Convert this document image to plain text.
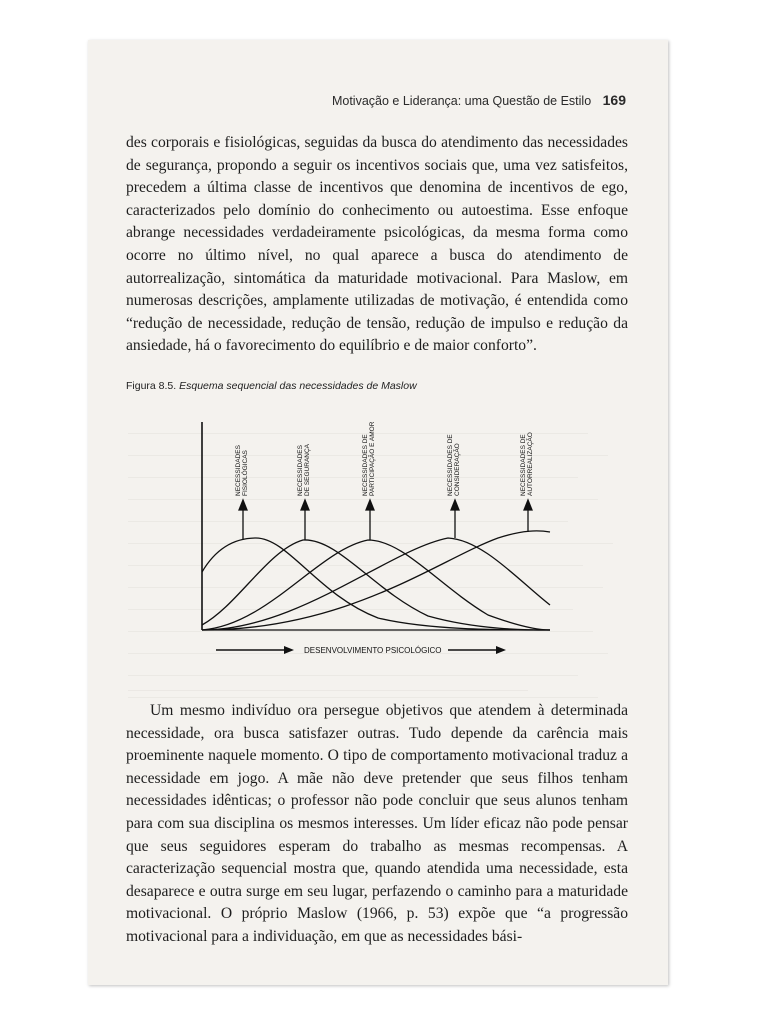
Motivação e Liderança: uma Questão de Estilo 169

des corporais e fisiológicas, seguidas da busca do atendimento das necessidades de segurança, propondo a seguir os incentivos sociais que, uma vez satisfeitos, precedem a última classe de incentivos que denomina de incentivos de ego, caracterizados pelo domínio do conhecimento ou autoestima. Esse enfoque abrange necessidades verdadeiramente psicológicas, da mesma forma como ocorre no último nível, no qual aparece a busca do atendimento de autorrealização, sintomática da maturidade motivacional. Para Maslow, em numerosas descrições, amplamente utilizadas de motivação, é entendida como “redução de necessidade, redução de tensão, redução de impulso e redução da ansiedade, há o favorecimento do equilíbrio e de maior conforto”.

Figura 8.5. Esquema sequencial das necessidades de Maslow
NECESSIDADES FISIOLÓGICAS	NECESSIDADES DE SEGURANÇA	NECESSIDADES DE PARTICIPAÇÃO E AMOR	NECESSIDADES DE CONSIDERAÇÃO	NECESSIDADES DE AUTORREALIZAÇÃO
DESENVOLVIMENTO PSICOLÓGICO

Um mesmo indivíduo ora persegue objetivos que atendem à determinada necessidade, ora busca satisfazer outras. Tudo depende da carência mais proeminente naquele momento. O tipo de comportamento motivacional traduz a necessidade em jogo. A mãe não deve pretender que seus filhos tenham necessidades idênticas; o professor não pode concluir que seus alunos tenham para com sua disciplina os mesmos interesses. Um líder eficaz não pode pensar que seus seguidores esperam do trabalho as mesmas recompensas. A caracterização sequencial mostra que, quando atendida uma necessidade, esta desaparece e outra surge em seu lugar, perfazendo o caminho para a maturidade motivacional. O próprio Maslow (1966, p. 53) expõe que “a progressão motivacional para a individuação, em que as necessidades bási-
